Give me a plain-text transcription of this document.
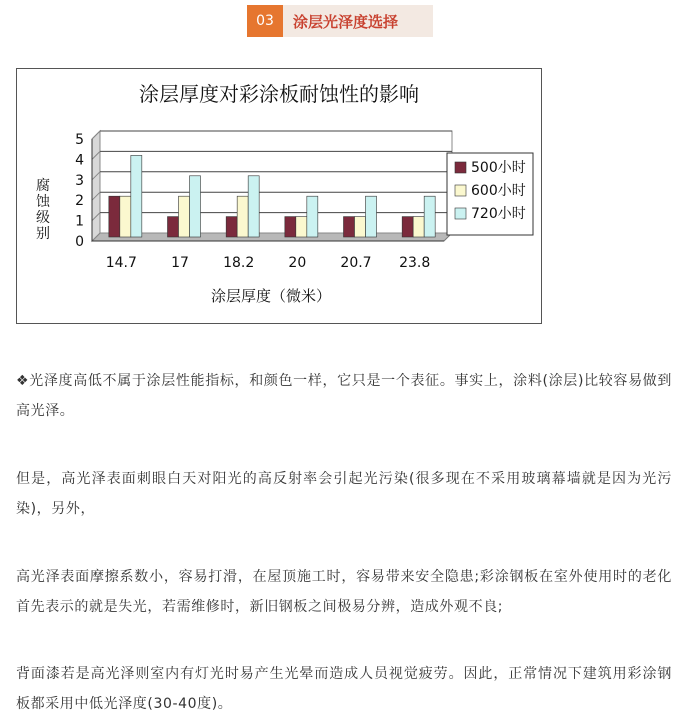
03	涂层光泽度选择
涂层厚度对彩涂板耐蚀性的影响
腐蚀级别
涂层厚度（微米）
0
1
2
3
4
5
14.7 17 18.2 20 20.7 23.8
500小时
600小时
720小时

❖光泽度高低不属于涂层性能指标，和颜色一样，它只是一个表征。事实上，涂料(涂层)比较容易做到高光泽。

但是，高光泽表面刺眼白天对阳光的高反射率会引起光污染(很多现在不采用玻璃幕墙就是因为光污染)，另外，

高光泽表面摩擦系数小，容易打滑，在屋顶施工时，容易带来安全隐患;彩涂钢板在室外使用时的老化首先表示的就是失光，若需维修时，新旧钢板之间极易分辨，造成外观不良;

背面漆若是高光泽则室内有灯光时易产生光晕而造成人员视觉疲劳。因此，正常情况下建筑用彩涂钢板都采用中低光泽度(30-40度)。
